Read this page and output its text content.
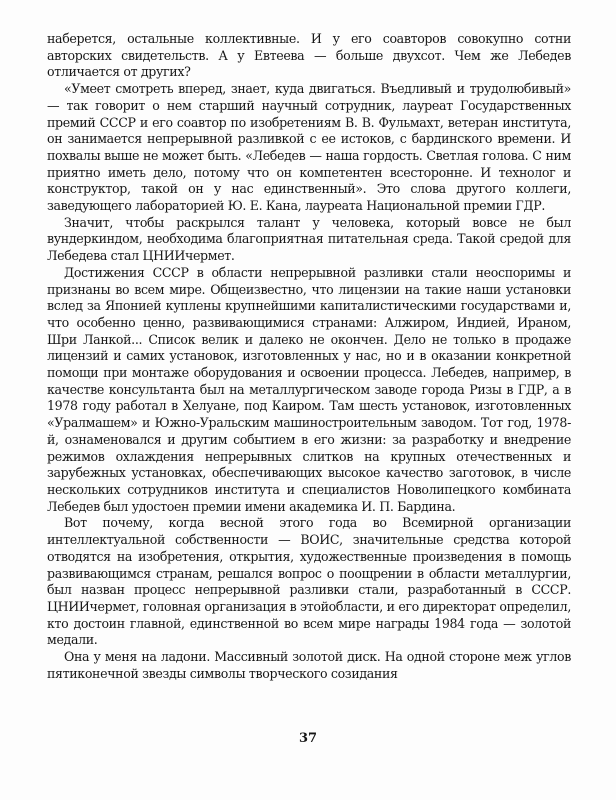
наберется, остальные коллективные. И у его соавторов совокупно сотни авторских свидетельств. А у Евтеева — больше двухсот. Чем же Лебедев отличается от других?

«Умеет смотреть вперед, знает, куда двигаться. Въедливый и трудолюбивый» — так говорит о нем старший научный сотрудник, лауреат Государственных премий СССР и его соавтор по изобретениям В. В. Фульмахт, ветеран института, он занимается непрерывной разливкой с ее истоков, с бардинского времени. И похвалы выше не может быть. «Лебедев — наша гордость. Светлая голова. С ним приятно иметь дело, потому что он компетентен всесторонне. И технолог и конструктор, такой он у нас единственный». Это слова другого коллеги, заведующего лабораторией Ю. Е. Кана, лауреата Национальной премии ГДР.

Значит, чтобы раскрылся талант у человека, который вовсе не был вундеркиндом, необходима благоприятная питательная среда. Такой средой для Лебедева стал ЦНИИчермет.

Достижения СССР в области непрерывной разливки стали неоспоримы и признаны во всем мире. Общеизвестно, что лицензии на такие наши установки вслед за Японией куплены крупнейшими капиталистическими государствами и, что особенно ценно, развивающимися странами: Алжиром, Индией, Ираном, Шри Ланкой... Список велик и далеко не окончен. Дело не только в продаже лицензий и самих установок, изготовленных у нас, но и в оказании конкретной помощи при монтаже оборудования и освоении процесса. Лебедев, например, в качестве консультанта был на металлургическом заводе города Ризы в ГДР, а в 1978 году работал в Хелуане, под Каиром. Там шесть установок, изготовленных «Уралмашем» и Южно-Уральским машиностроительным заводом. Тот год, 1978-й, ознаменовался и другим событием в его жизни: за разработку и внедрение режимов охлаждения непрерывных слитков на крупных отечественных и зарубежных установках, обеспечивающих высокое качество заготовок, в числе нескольких сотрудников института и специалистов Новолипецкого комбината Лебедев был удостоен премии имени академика И. П. Бардина.

Вот почему, когда весной этого года во Всемирной организации интеллектуальной собственности — ВОИС, значительные средства которой отводятся на изобретения, открытия, художественные произведения в помощь развивающимся странам, решался вопрос о поощрении в области металлургии, был назван процесс непрерывной разливки стали, разработанный в СССР. ЦНИИчермет, головная организация в этойобласти, и его директорат определил, кто достоин главной, единственной во всем мире награды 1984 года — золотой медали.

Она у меня на ладони. Массивный золотой диск. На одной стороне меж углов пятиконечной звезды символы творческого созидания

37
